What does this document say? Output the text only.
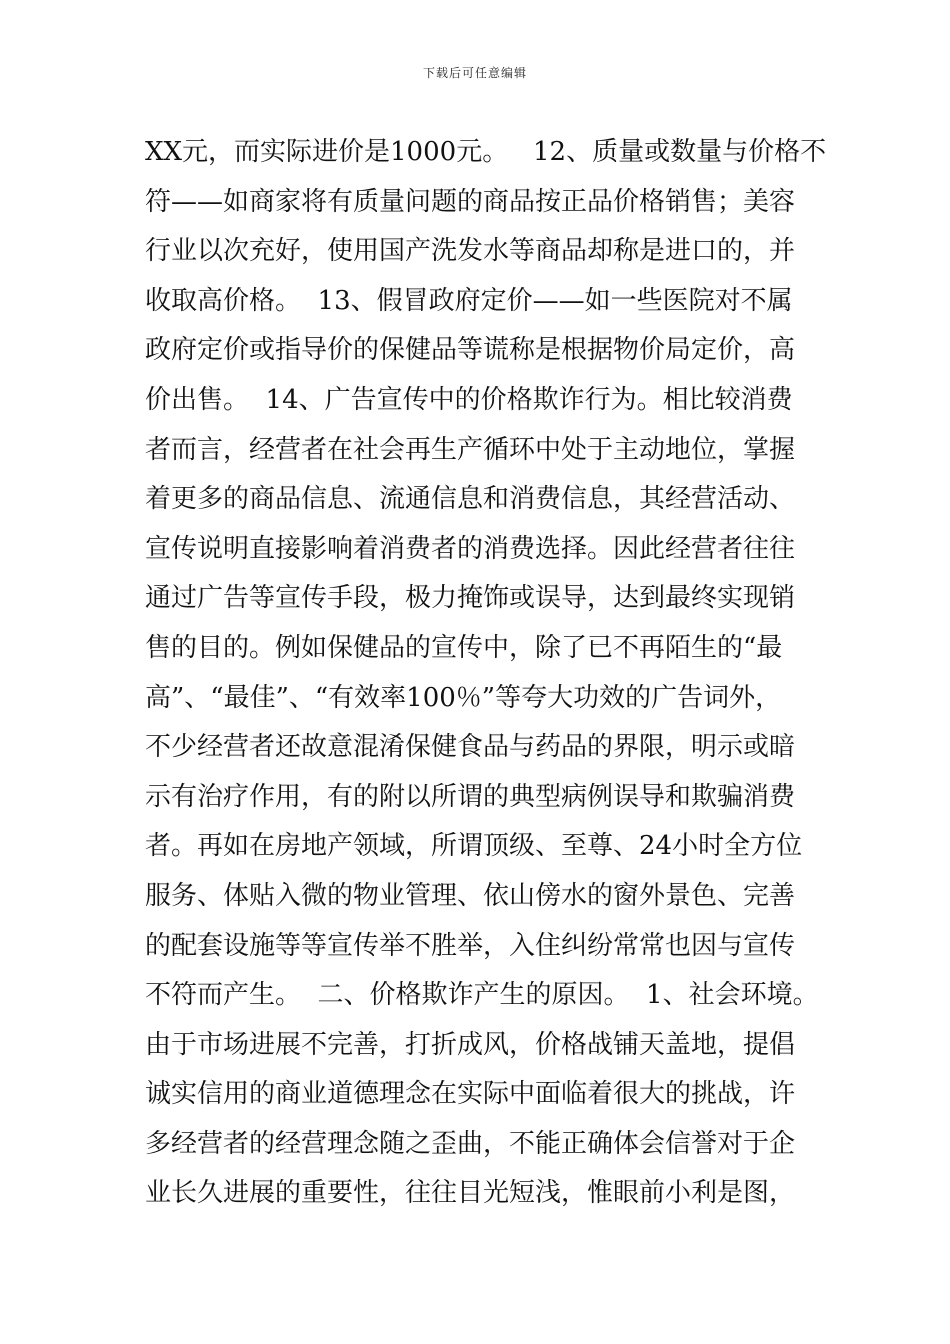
下载后可任意编辑
XX元，而实际进价是1000元。   12、质量或数量与价格不
符——如商家将有质量问题的商品按正品价格销售；美容
行业以次充好，使用国产洗发水等商品却称是进口的，并
收取高价格。  13、假冒政府定价——如一些医院对不属
政府定价或指导价的保健品等谎称是根据物价局定价，高
价出售。  14、广告宣传中的价格欺诈行为。相比较消费
者而言，经营者在社会再生产循环中处于主动地位，掌握
着更多的商品信息、流通信息和消费信息，其经营活动、
宣传说明直接影响着消费者的消费选择。因此经营者往往
通过广告等宣传手段，极力掩饰或误导，达到最终实现销
售的目的。例如保健品的宣传中，除了已不再陌生的“最
高”、“最佳”、“有效率100％”等夸大功效的广告词外，
不少经营者还故意混淆保健食品与药品的界限，明示或暗
示有治疗作用，有的附以所谓的典型病例误导和欺骗消费
者。再如在房地产领域，所谓顶级、至尊、24小时全方位
服务、体贴入微的物业管理、依山傍水的窗外景色、完善
的配套设施等等宣传举不胜举，入住纠纷常常也因与宣传
不符而产生。  二、价格欺诈产生的原因。  1、社会环境。
由于市场进展不完善，打折成风，价格战铺天盖地，提倡
诚实信用的商业道德理念在实际中面临着很大的挑战，许
多经营者的经营理念随之歪曲，不能正确体会信誉对于企
业长久进展的重要性，往往目光短浅，惟眼前小利是图，
